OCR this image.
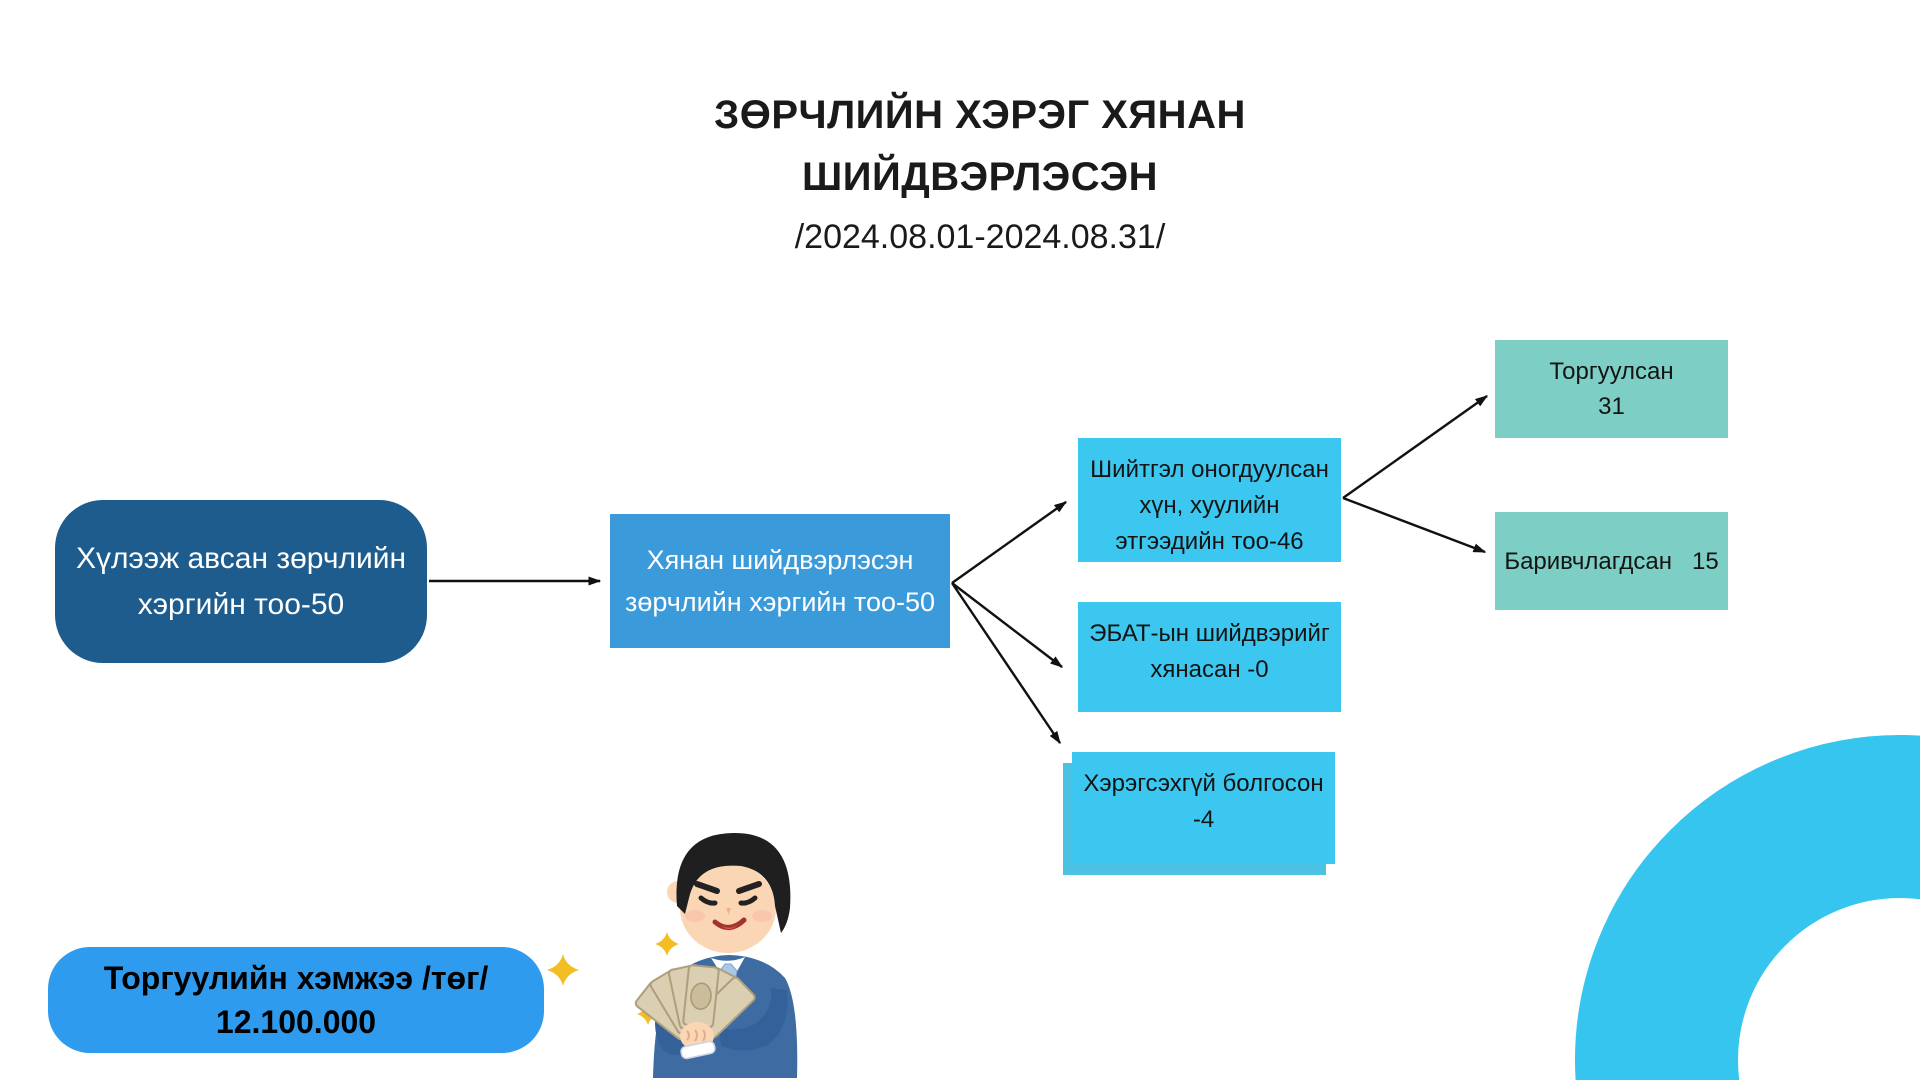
ЗӨРЧЛИЙН ХЭРЭГ ХЯНАН
ШИЙДВЭРЛЭСЭН
/2024.08.01-2024.08.31/
Хүлээж авсан зөрчлийн
хэргийн тоо-50
Хянан шийдвэрлэсэн
зөрчлийн хэргийн тоо-50
Шийтгэл оногдуулсан
хүн, хуулийн
этгээдийн тоо-46
ЭБАТ-ын шийдвэрийг
хянасан -0
Хэрэгсэхгүй болгосон
-4
Торгуулсан
31
Баривчлагдсан 15
Торгуулийн хэмжээ /төг/
12.100.000
